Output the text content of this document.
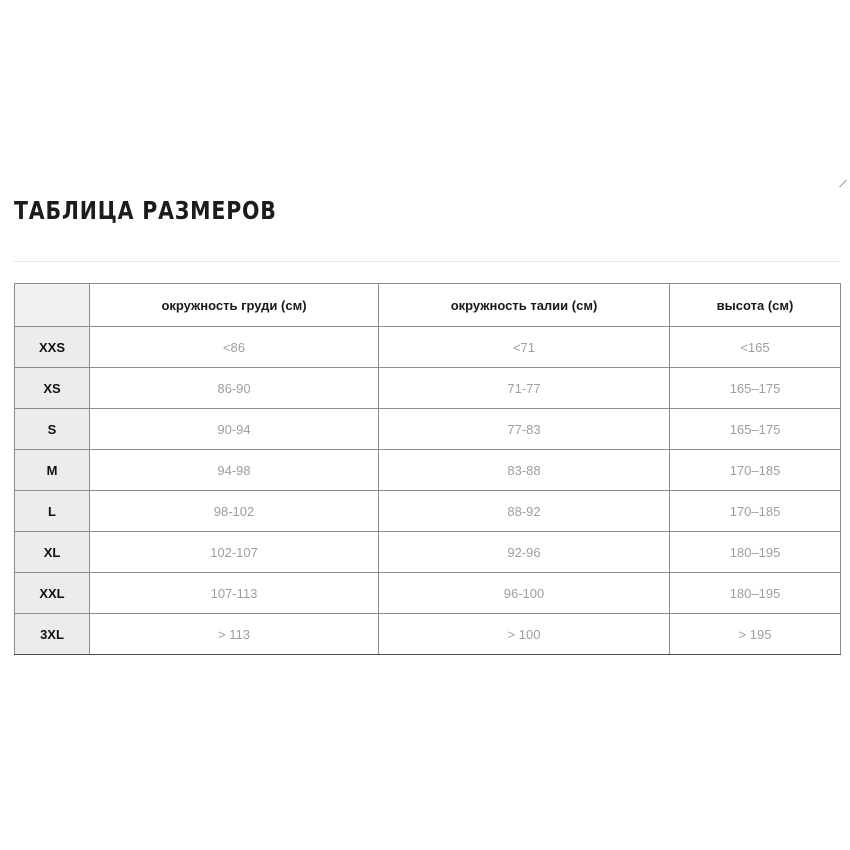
ТАБЛИЦА РАЗМЕРОВ
	окружность груди (см)	окружность талии (см)	высота (см)
XXS	<86	<71	<165
XS	86-90	71-77	165–175
S	90-94	77-83	165–175
M	94-98	83-88	170–185
L	98-102	88-92	170–185
XL	102-107	92-96	180–195
XXL	107-113	96-100	180–195
3XL	> 113	> 100	> 195
